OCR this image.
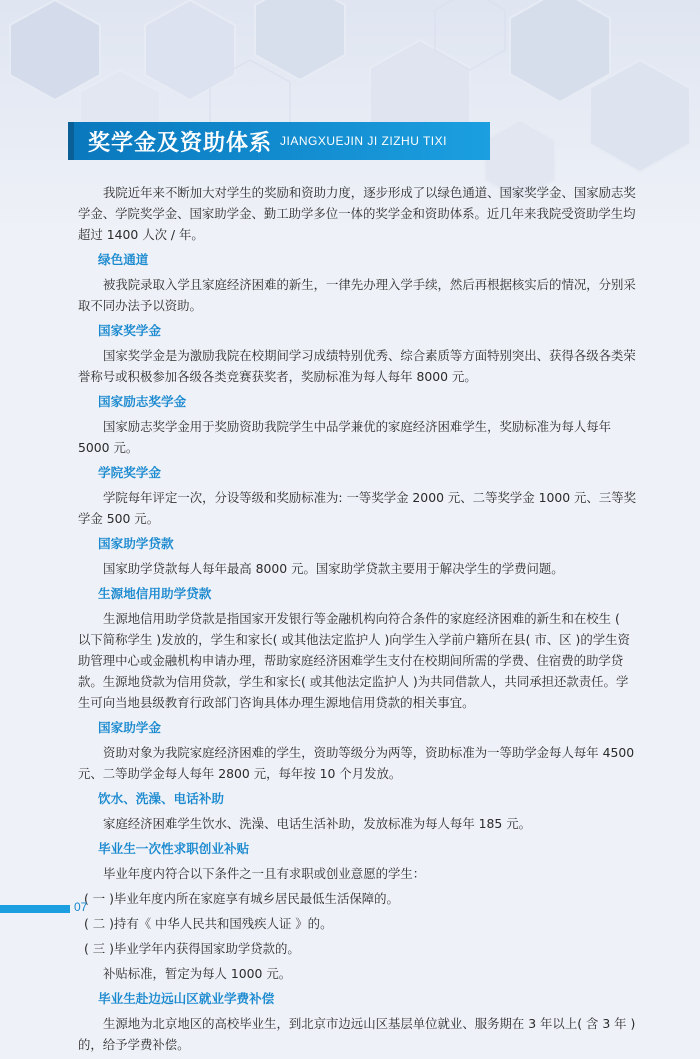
奖学金及资助体系 JIANGXUEJIN JI ZIZHU TIXI

我院近年来不断加大对学生的奖励和资助力度，逐步形成了以绿色通道、国家奖学金、国家励志奖学金、学院奖学金、国家助学金、勤工助学多位一体的奖学金和资助体系。近几年来我院受资助学生均超过 1400 人次 / 年。

绿色通道

被我院录取入学且家庭经济困难的新生，一律先办理入学手续，然后再根据核实后的情况，分别采取不同办法予以资助。

国家奖学金

国家奖学金是为激励我院在校期间学习成绩特别优秀、综合素质等方面特别突出、获得各级各类荣誉称号或积极参加各级各类竞赛获奖者，奖励标准为每人每年 8000 元。

国家励志奖学金

国家励志奖学金用于奖励资助我院学生中品学兼优的家庭经济困难学生，奖励标准为每人每年 5000 元。

学院奖学金

学院每年评定一次，分设等级和奖励标准为: 一等奖学金 2000 元、二等奖学金 1000 元、三等奖学金 500 元。

国家助学贷款

国家助学贷款每人每年最高 8000 元。国家助学贷款主要用于解决学生的学费问题。

生源地信用助学贷款

生源地信用助学贷款是指国家开发银行等金融机构向符合条件的家庭经济困难的新生和在校生 ( 以下简称学生 )发放的，学生和家长( 或其他法定监护人 )向学生入学前户籍所在县( 市、区 )的学生资助管理中心或金融机构申请办理，帮助家庭经济困难学生支付在校期间所需的学费、住宿费的助学贷款。生源地贷款为信用贷款，学生和家长( 或其他法定监护人 )为共同借款人，共同承担还款责任。学生可向当地县级教育行政部门咨询具体办理生源地信用贷款的相关事宜。

国家助学金

资助对象为我院家庭经济困难的学生，资助等级分为两等，资助标准为一等助学金每人每年 4500 元、二等助学金每人每年 2800 元，每年按 10 个月发放。

饮水、洗澡、电话补助

家庭经济困难学生饮水、洗澡、电话生活补助，发放标准为每人每年 185 元。

毕业生一次性求职创业补贴

毕业年度内符合以下条件之一且有求职或创业意愿的学生：

( 一 )毕业年度内所在家庭享有城乡居民最低生活保障的。

( 二 )持有《 中华人民共和国残疾人证 》的。

( 三 )毕业学年内获得国家助学贷款的。

补贴标准，暂定为每人 1000 元。

毕业生赴边远山区就业学费补偿

生源地为北京地区的高校毕业生，到北京市边远山区基层单位就业、服务期在 3 年以上( 含 3 年 )的，给予学费补偿。

07
